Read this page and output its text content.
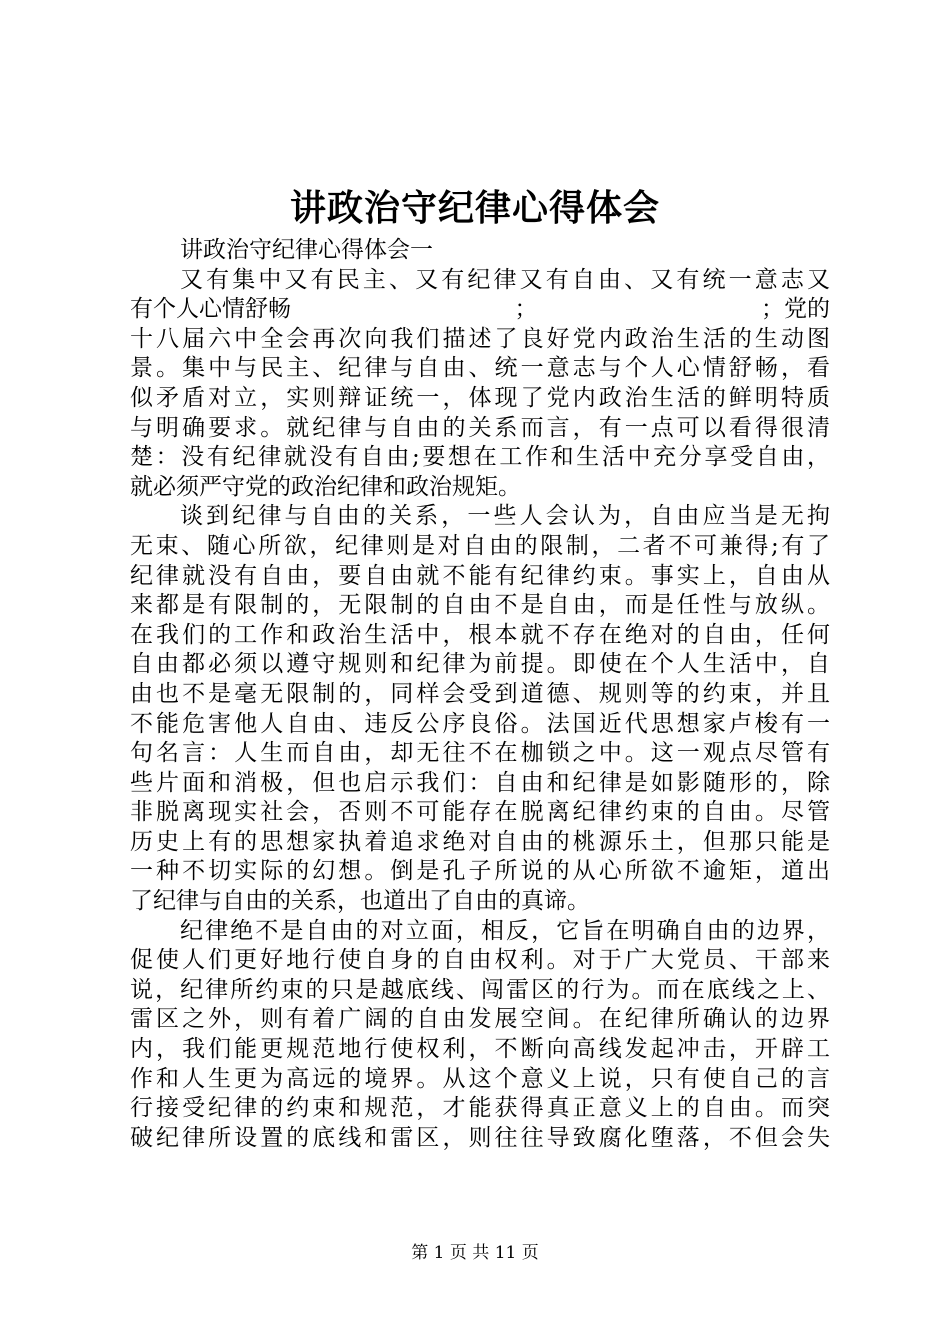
讲政治守纪律心得体会
讲政治守纪律心得体会一
又有集中又有民主、又有纪律又有自由、又有统一意志又
有个人心情舒畅	；	；党的
十八届六中全会再次向我们描述了良好党内政治生活的生动图
景。集中与民主、纪律与自由、统一意志与个人心情舒畅，看
似矛盾对立，实则辩证统一，体现了党内政治生活的鲜明特质
与明确要求。就纪律与自由的关系而言，有一点可以看得很清
楚：没有纪律就没有自由;要想在工作和生活中充分享受自由，
就必须严守党的政治纪律和政治规矩。
谈到纪律与自由的关系，一些人会认为，自由应当是无拘
无束、随心所欲，纪律则是对自由的限制，二者不可兼得;有了
纪律就没有自由，要自由就不能有纪律约束。事实上，自由从
来都是有限制的，无限制的自由不是自由，而是任性与放纵。
在我们的工作和政治生活中，根本就不存在绝对的自由，任何
自由都必须以遵守规则和纪律为前提。即使在个人生活中，自
由也不是毫无限制的，同样会受到道德、规则等的约束，并且
不能危害他人自由、违反公序良俗。法国近代思想家卢梭有一
句名言：人生而自由，却无往不在枷锁之中。这一观点尽管有
些片面和消极，但也启示我们：自由和纪律是如影随形的，除
非脱离现实社会，否则不可能存在脱离纪律约束的自由。尽管
历史上有的思想家执着追求绝对自由的桃源乐土，但那只能是
一种不切实际的幻想。倒是孔子所说的从心所欲不逾矩，道出
了纪律与自由的关系，也道出了自由的真谛。
纪律绝不是自由的对立面，相反，它旨在明确自由的边界，
促使人们更好地行使自身的自由权利。对于广大党员、干部来
说，纪律所约束的只是越底线、闯雷区的行为。而在底线之上、
雷区之外，则有着广阔的自由发展空间。在纪律所确认的边界
内，我们能更规范地行使权利，不断向高线发起冲击，开辟工
作和人生更为高远的境界。从这个意义上说，只有使自己的言
行接受纪律的约束和规范，才能获得真正意义上的自由。而突
破纪律所设置的底线和雷区，则往往导致腐化堕落，不但会失
第 1 页 共 11 页
